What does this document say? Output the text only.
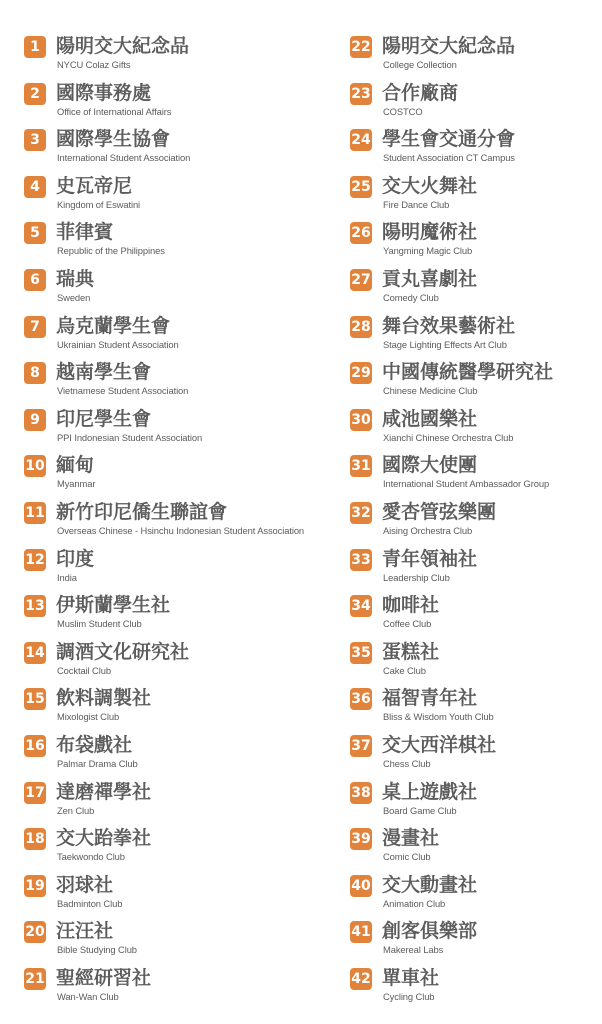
1 陽明交大紀念品
NYCU Colaz Gifts
2 國際事務處
Office of International Affairs
3 國際學生協會
International Student Association
4 史瓦帝尼
Kingdom of Eswatini
5 菲律賓
Republic of the Philippines
6 瑞典
Sweden
7 烏克蘭學生會
Ukrainian Student Association
8 越南學生會
Vietnamese Student Association
9 印尼學生會
PPI Indonesian Student Association
10 緬甸
Myanmar
11 新竹印尼僑生聯誼會
Overseas Chinese - Hsinchu Indonesian Student Association
12 印度
India
13 伊斯蘭學生社
Muslim Student Club
14 調酒文化研究社
Cocktail Club
15 飲料調製社
Mixologist Club
16 布袋戲社
Palmar Drama Club
17 達磨禪學社
Zen Club
18 交大跆拳社
Taekwondo Club
19 羽球社
Badminton Club
20 汪汪社
Bible Studying Club
21 聖經研習社
Wan-Wan Club
22 陽明交大紀念品
College Collection
23 合作廠商
COSTCO
24 學生會交通分會
Student Association CT Campus
25 交大火舞社
Fire Dance Club
26 陽明魔術社
Yangming Magic Club
27 貢丸喜劇社
Comedy Club
28 舞台效果藝術社
Stage Lighting Effects Art Club
29 中國傳統醫學研究社
Chinese Medicine Club
30 咸池國樂社
Xianchi Chinese Orchestra Club
31 國際大使團
International Student Ambassador Group
32 愛杏管弦樂團
Aising Orchestra Club
33 青年領袖社
Leadership Club
34 咖啡社
Coffee Club
35 蛋糕社
Cake Club
36 福智青年社
Bliss & Wisdom Youth Club
37 交大西洋棋社
Chess Club
38 桌上遊戲社
Board Game Club
39 漫畫社
Comic Club
40 交大動畫社
Animation Club
41 創客俱樂部
Makereal Labs
42 單車社
Cycling Club
